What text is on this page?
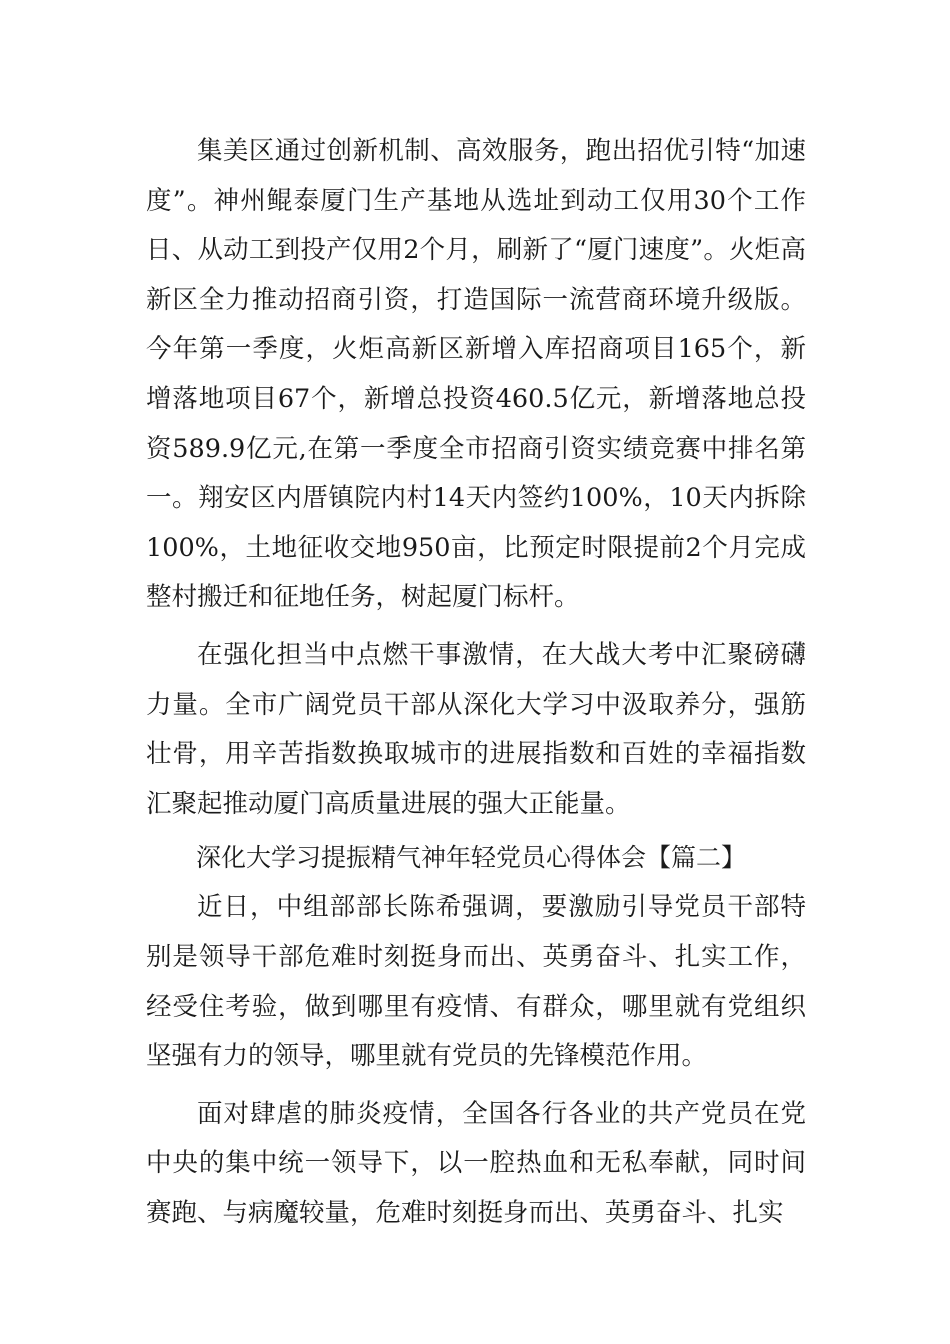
集美区通过创新机制、高效服务，跑出招优引特“加速度”。神州鲲泰厦门生产基地从选址到动工仅用30个工作日、从动工到投产仅用2个月，刷新了“厦门速度”。火炬高新区全力推动招商引资，打造国际一流营商环境升级版。今年第一季度，火炬高新区新增入库招商项目165个，新增落地项目67个，新增总投资460.5亿元，新增落地总投资589.9亿元,在第一季度全市招商引资实绩竞赛中排名第一。翔安区内厝镇院内村14天内签约100%，10天内拆除100%，土地征收交地950亩，比预定时限提前2个月完成整村搬迁和征地任务，树起厦门标杆。

在强化担当中点燃干事激情，在大战大考中汇聚磅礴力量。全市广阔党员干部从深化大学习中汲取养分，强筋壮骨，用辛苦指数换取城市的进展指数和百姓的幸福指数汇聚起推动厦门高质量进展的强大正能量。

深化大学习提振精气神年轻党员心得体会【篇二】

近日，中组部部长陈希强调，要激励引导党员干部特别是领导干部危难时刻挺身而出、英勇奋斗、扎实工作，经受住考验，做到哪里有疫情、有群众，哪里就有党组织坚强有力的领导，哪里就有党员的先锋模范作用。

面对肆虐的肺炎疫情，全国各行各业的共产党员在党中央的集中统一领导下，以一腔热血和无私奉献，同时间赛跑、与病魔较量，危难时刻挺身而出、英勇奋斗、扎实
